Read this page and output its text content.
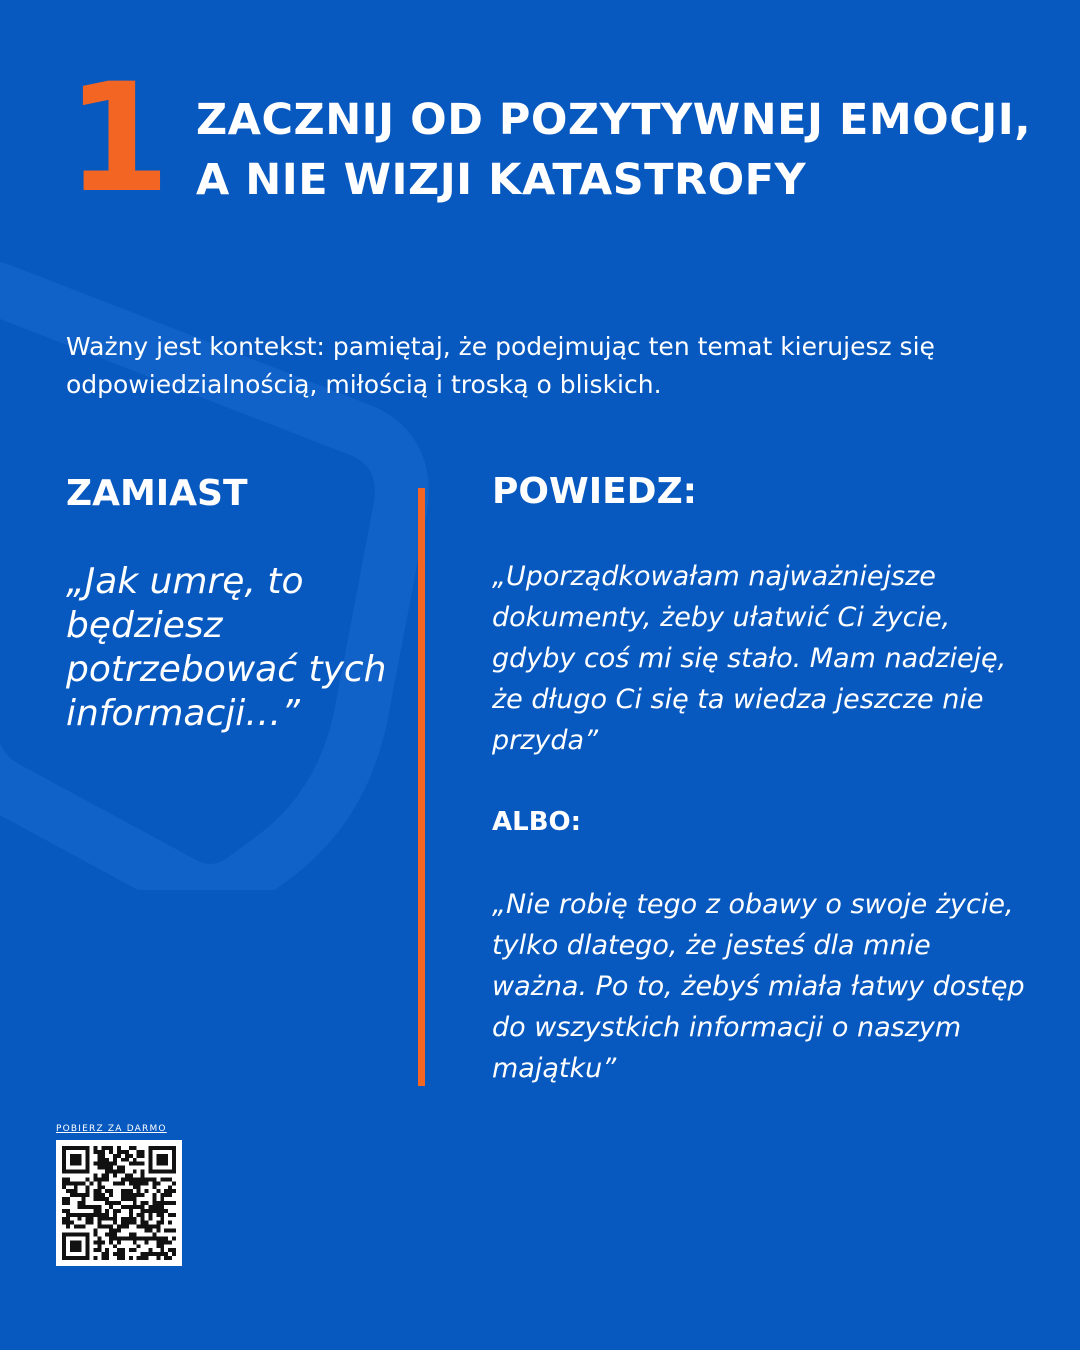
1 ZACZNIJ OD POZYTYWNEJ EMOCJI,
A NIE WIZJI KATASTROFY
Ważny jest kontekst: pamiętaj, że podejmując ten temat kierujesz się odpowiedzialnością, miłością i troską o bliskich.
ZAMIAST
„Jak umrę, to będziesz potrzebować tych informacji…”
POWIEDZ:

„Uporządkowałam najważniejsze dokumenty, żeby ułatwić Ci życie, gdyby coś mi się stało. Mam nadzieję, że długo Ci się ta wiedza jeszcze nie przyda”

ALBO:

„Nie robię tego z obawy o swoje życie, tylko dlatego, że jesteś dla mnie ważna. Po to, żebyś miała łatwy dostęp do wszystkich informacji o naszym majątku”

POBIERZ ZA DARMO
